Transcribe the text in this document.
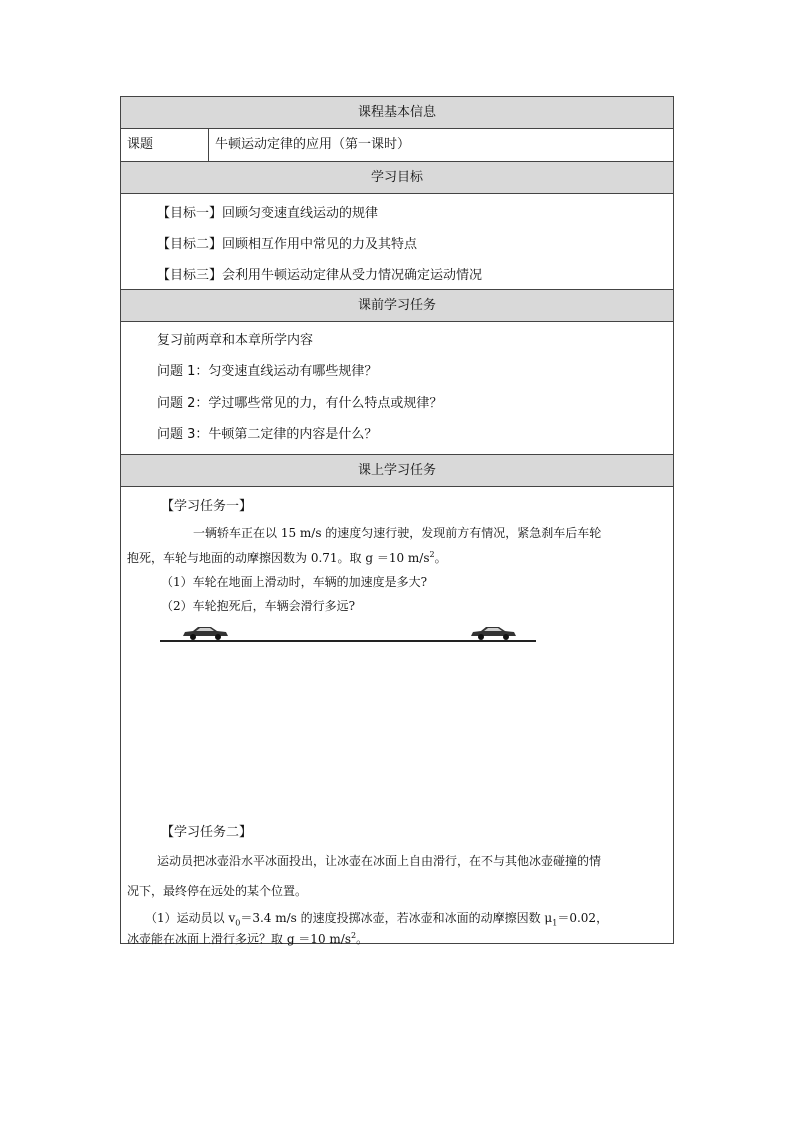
课程基本信息
课题	牛顿运动定律的应用（第一课时）
学习目标
【目标一】回顾匀变速直线运动的规律
【目标二】回顾相互作用中常见的力及其特点
【目标三】会利用牛顿运动定律从受力情况确定运动情况
课前学习任务
复习前两章和本章所学内容
问题 1：匀变速直线运动有哪些规律？
问题 2：学过哪些常见的力，有什么特点或规律？
问题 3：牛顿第二定律的内容是什么？
课上学习任务
【学习任务一】
一辆轿车正在以 15 m/s 的速度匀速行驶，发现前方有情况，紧急刹车后车轮
抱死，车轮与地面的动摩擦因数为 0.71。取 g ＝10 $m/s^2$。
（1）车轮在地面上滑动时，车辆的加速度是多大?
（2）车轮抱死后，车辆会滑行多远?
【学习任务二】
运动员把冰壶沿水平冰面投出，让冰壶在冰面上自由滑行，在不与其他冰壶碰撞的情
况下，最终停在远处的某个位置。
（1）运动员以 $v_0=3.4$ m/s 的速度投掷冰壶，若冰壶和冰面的动摩擦因数 $\mu_1=0.02$，
冰壶能在冰面上滑行多远？取 g ＝10 $m/s^2$。
